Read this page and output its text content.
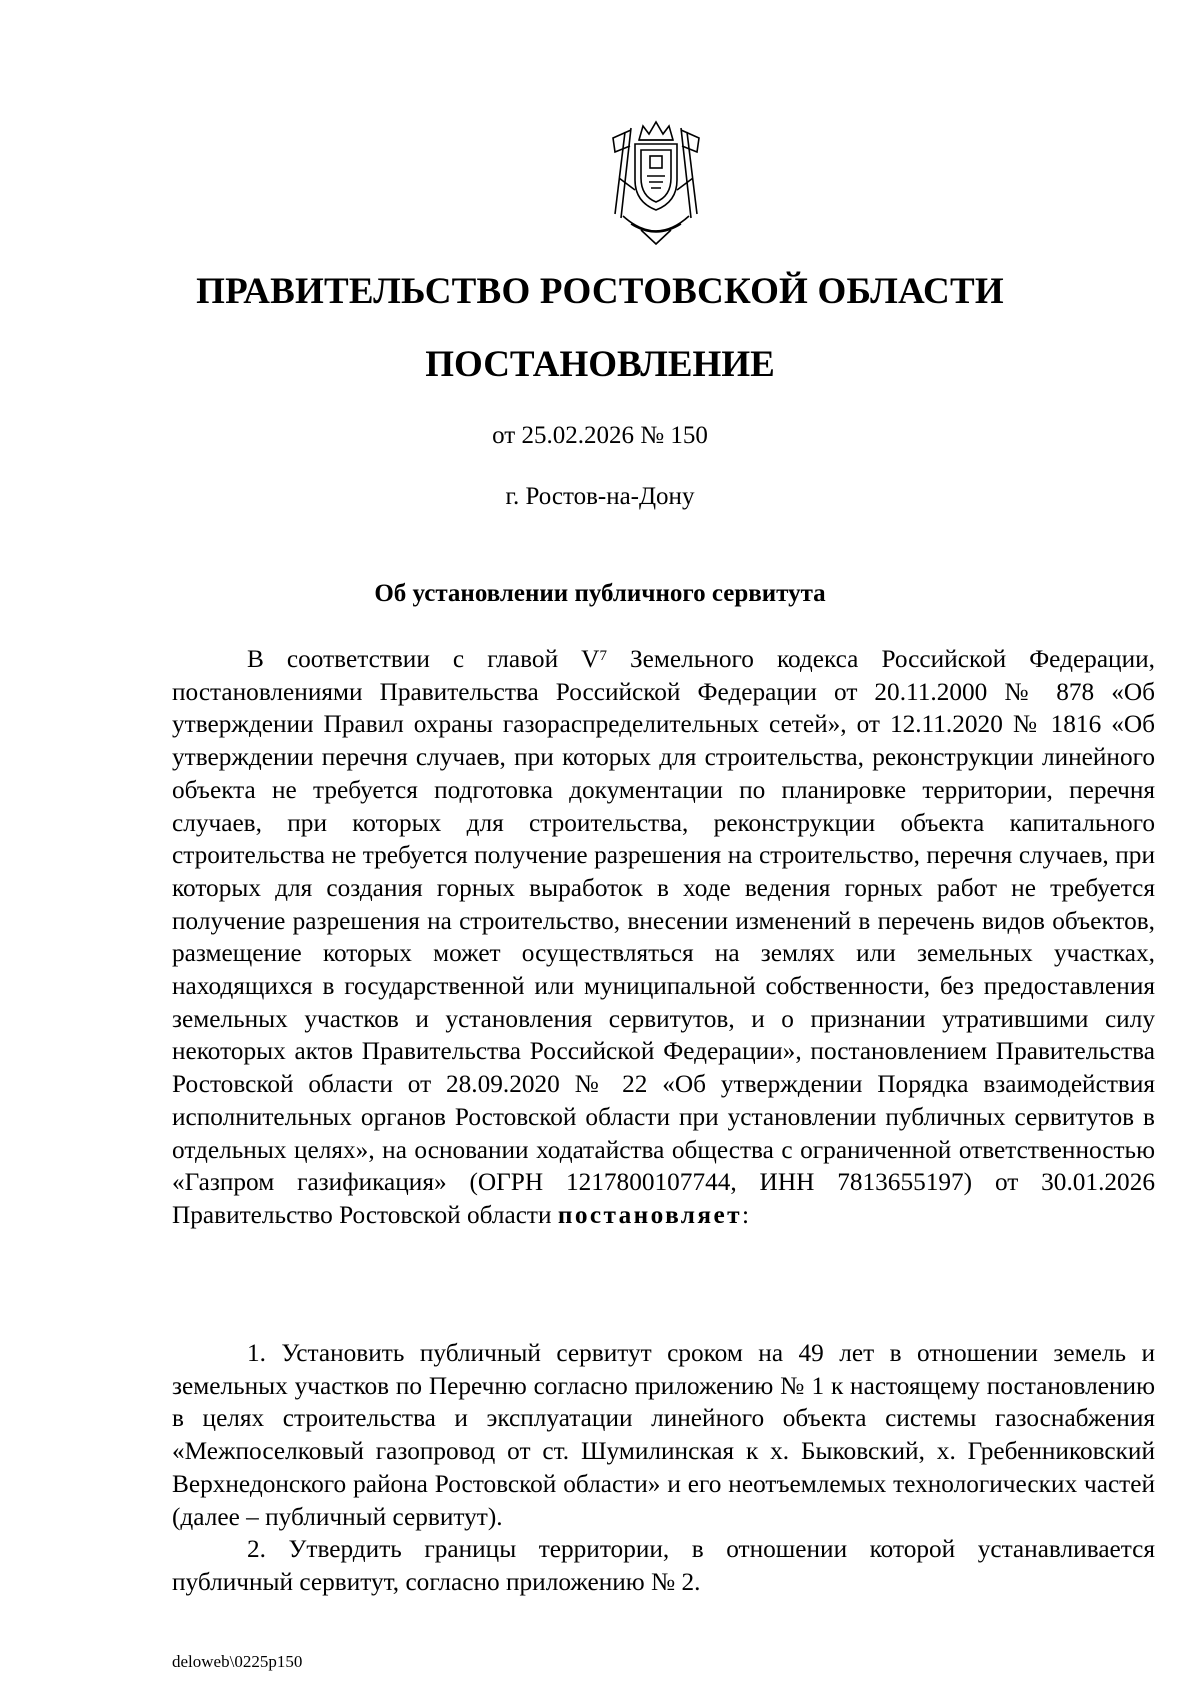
ПРАВИТЕЛЬСТВО РОСТОВСКОЙ ОБЛАСТИ
ПОСТАНОВЛЕНИЕ
от 25.02.2026 № 150
г. Ростов-на-Дону
Об установлении публичного сервитута

В соответствии с главой $V^7$ Земельного кодекса Российской Федерации, постановлениями Правительства Российской Федерации от 20.11.2000 № 878 «Об утверждении Правил охраны газораспределительных сетей», от 12.11.2020 № 1816 «Об утверждении перечня случаев, при которых для строительства, реконструкции линейного объекта не требуется подготовка документации по планировке территории, перечня случаев, при которых для строительства, реконструкции объекта капитального строительства не требуется получение разрешения на строительство, перечня случаев, при которых для создания горных выработок в ходе ведения горных работ не требуется получение разрешения на строительство, внесении изменений в перечень видов объектов, размещение которых может осуществляться на землях или земельных участках, находящихся в государственной или муниципальной собственности, без предоставления земельных участков и установления сервитутов, и о признании утратившими силу некоторых актов Правительства Российской Федерации», постановлением Правительства Ростовской области от 28.09.2020 № 22 «Об утверждении Порядка взаимодействия исполнительных органов Ростовской области при установлении публичных сервитутов в отдельных целях», на основании ходатайства общества с ограниченной ответственностью «Газпром газификация» (ОГРН 1217800107744, ИНН 7813655197) от 30.01.2026 Правительство Ростовской области постановляет:

1. Установить публичный сервитут сроком на 49 лет в отношении земель и земельных участков по Перечню согласно приложению № 1 к настоящему постановлению в целях строительства и эксплуатации линейного объекта системы газоснабжения «Межпоселковый газопровод от ст. Шумилинская к х. Быковский, х. Гребенниковский Верхнедонского района Ростовской области» и его неотъемлемых технологических частей (далее – публичный сервитут).

2. Утвердить границы территории, в отношении которой устанавливается публичный сервитут, согласно приложению № 2.

deloweb\0225p150
